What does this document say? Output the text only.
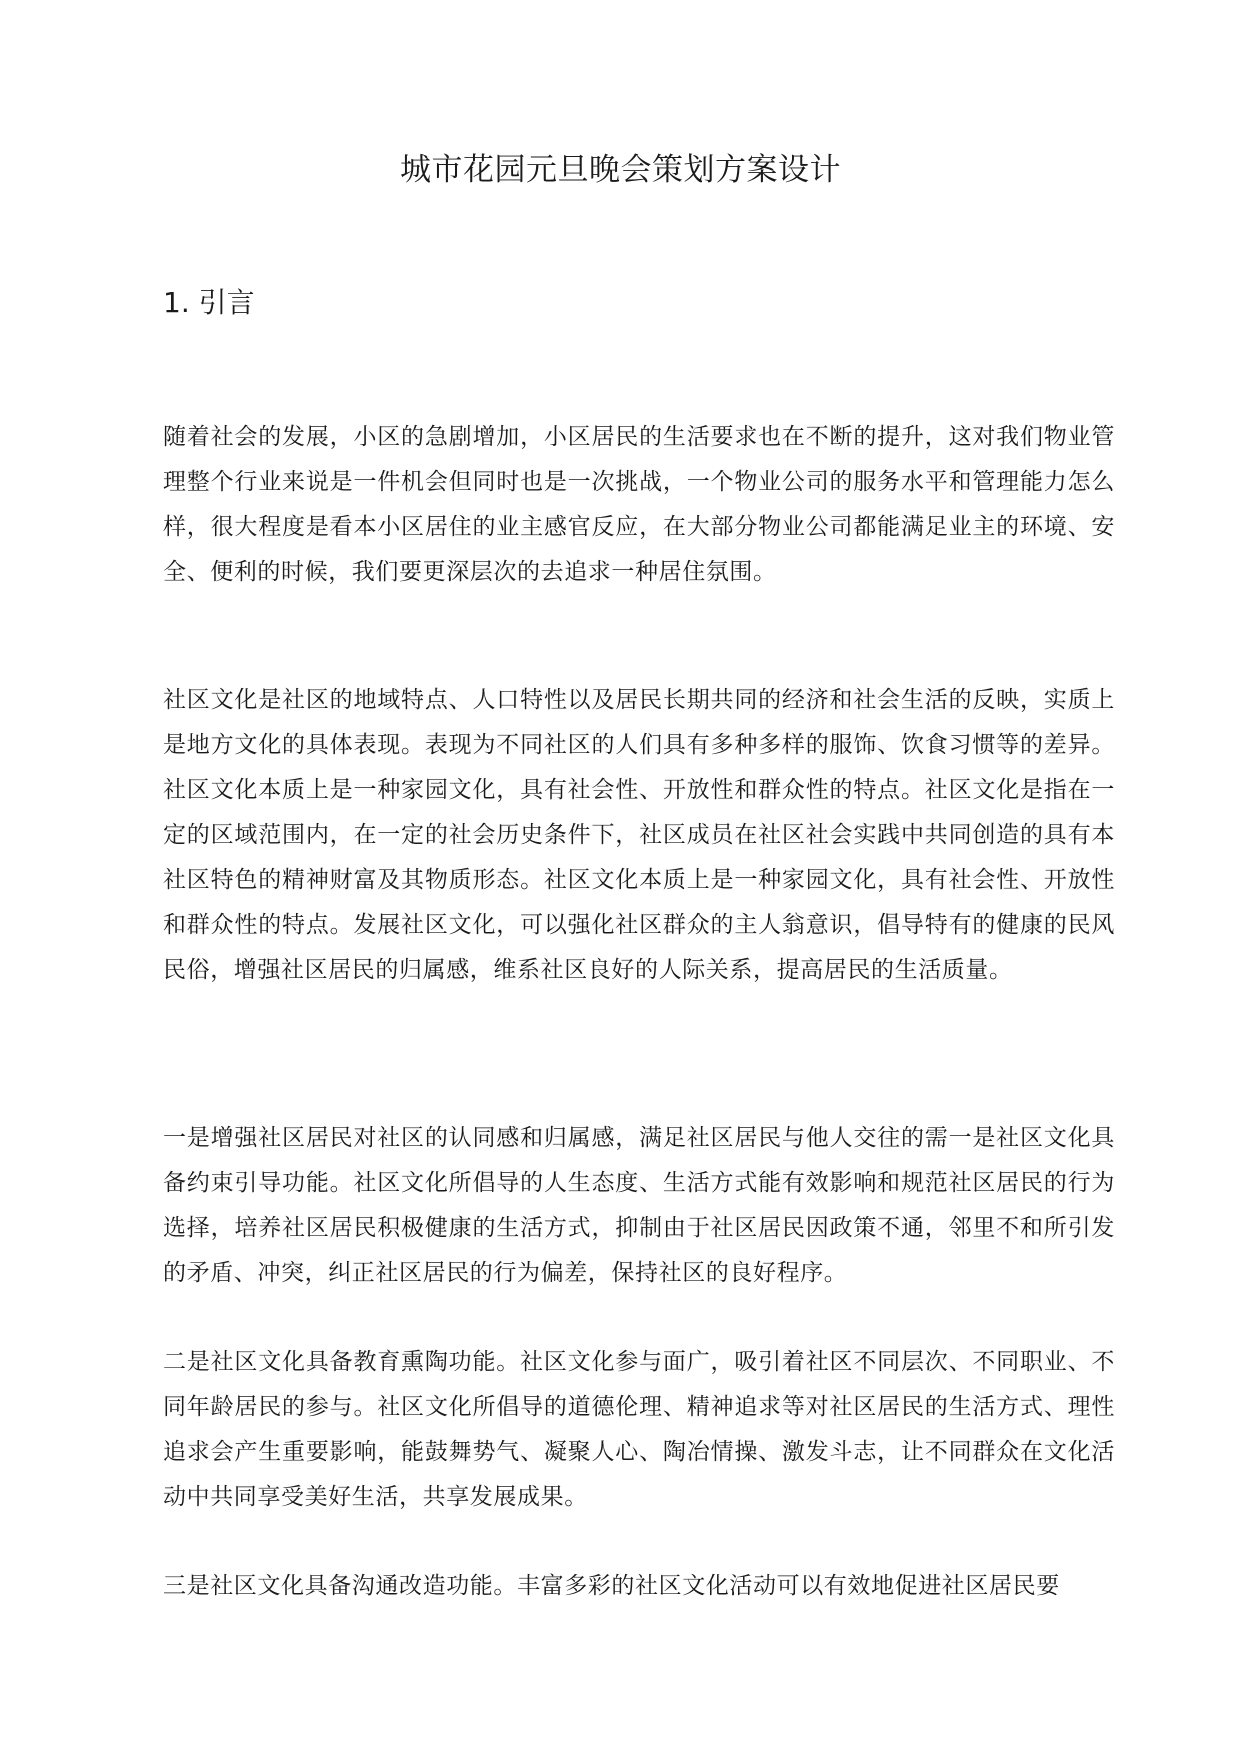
城市花园元旦晚会策划方案设计
1. 引言

随着社会的发展，小区的急剧增加，小区居民的生活要求也在不断的提升，这对我们物业管理整个行业来说是一件机会但同时也是一次挑战，一个物业公司的服务水平和管理能力怎么样，很大程度是看本小区居住的业主感官反应，在大部分物业公司都能满足业主的环境、安全、便利的时候，我们要更深层次的去追求一种居住氛围。

社区文化是社区的地域特点、人口特性以及居民长期共同的经济和社会生活的反映，实质上是地方文化的具体表现。表现为不同社区的人们具有多种多样的服饰、饮食习惯等的差异。社区文化本质上是一种家园文化，具有社会性、开放性和群众性的特点。社区文化是指在一定的区域范围内，在一定的社会历史条件下，社区成员在社区社会实践中共同创造的具有本社区特色的精神财富及其物质形态。社区文化本质上是一种家园文化，具有社会性、开放性和群众性的特点。发展社区文化，可以强化社区群众的主人翁意识，倡导特有的健康的民风民俗，增强社区居民的归属感，维系社区良好的人际关系，提高居民的生活质量。

一是增强社区居民对社区的认同感和归属感，满足社区居民与他人交往的需一是社区文化具备约束引导功能。社区文化所倡导的人生态度、生活方式能有效影响和规范社区居民的行为选择，培养社区居民积极健康的生活方式，抑制由于社区居民因政策不通，邻里不和所引发的矛盾、冲突，纠正社区居民的行为偏差，保持社区的良好程序。

二是社区文化具备教育熏陶功能。社区文化参与面广，吸引着社区不同层次、不同职业、不同年龄居民的参与。社区文化所倡导的道德伦理、精神追求等对社区居民的生活方式、理性追求会产生重要影响，能鼓舞势气、凝聚人心、陶冶情操、激发斗志，让不同群众在文化活动中共同享受美好生活，共享发展成果。

三是社区文化具备沟通改造功能。丰富多彩的社区文化活动可以有效地促进社区居民要
